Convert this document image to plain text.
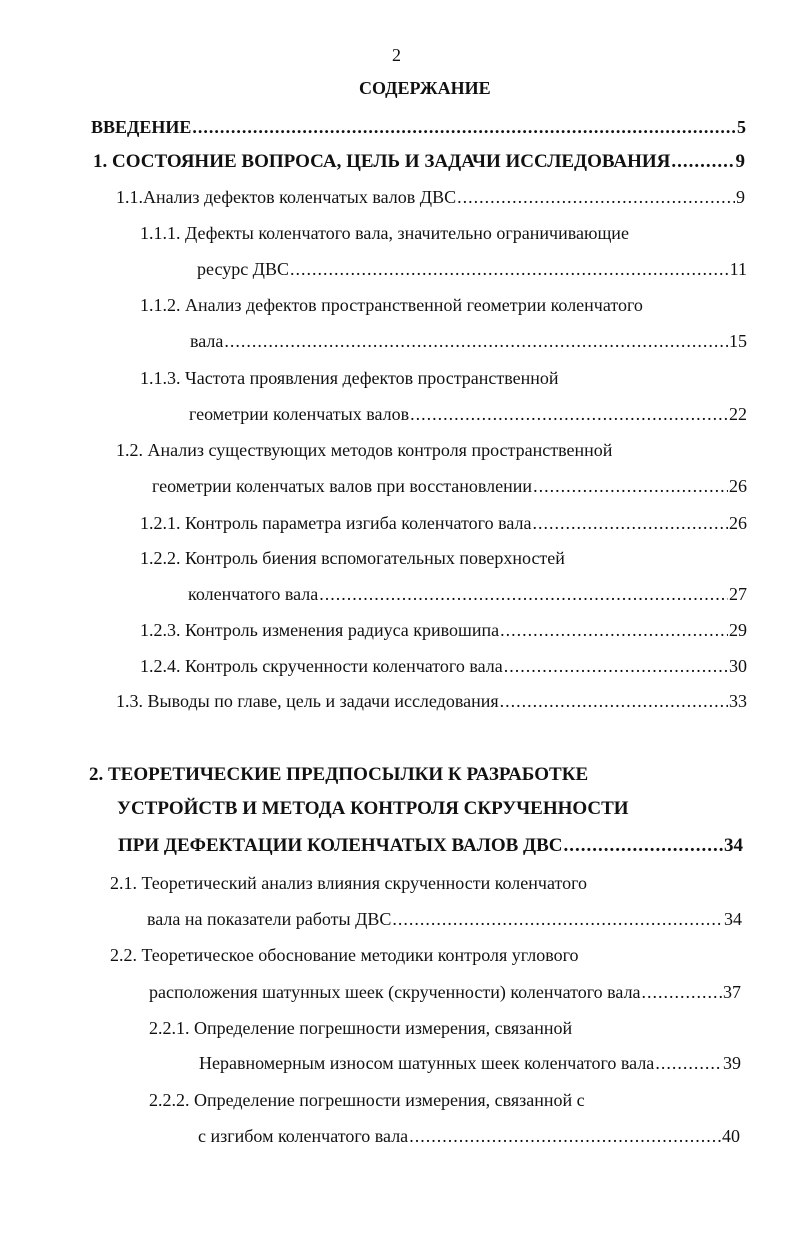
2
СОДЕРЖАНИЕ
ВВЕДЕНИЕ .....	5
1. СОСТОЯНИЕ ВОПРОСА, ЦЕЛЬ И ЗАДАЧИ ИССЛЕДОВАНИЯ .....	9
1.1.Анализ дефектов коленчатых валов ДВС .....	9
1.1.1. Дефекты коленчатого вала, значительно ограничивающие
ресурс ДВС .....	11
1.1.2. Анализ дефектов пространственной геометрии коленчатого
вала .....	15
1.1.3. Частота проявления дефектов пространственной
геометрии коленчатых валов .....	22
1.2. Анализ существующих методов контроля пространственной
геометрии коленчатых валов при восстановлении .....	26
1.2.1. Контроль параметра изгиба коленчатого вала .....	26
1.2.2. Контроль биения вспомогательных поверхностей
коленчатого вала .....	27
1.2.3. Контроль изменения радиуса кривошипа .....	29
1.2.4. Контроль скрученности коленчатого вала .....	30
1.3. Выводы по главе, цель и задачи исследования .....	33
2. ТЕОРЕТИЧЕСКИЕ ПРЕДПОСЫЛКИ К РАЗРАБОТКЕ
УСТРОЙСТВ И МЕТОДА КОНТРОЛЯ СКРУЧЕННОСТИ
ПРИ ДЕФЕКТАЦИИ КОЛЕНЧАТЫХ ВАЛОВ ДВС .....	34
2.1. Теоретический анализ влияния скрученности коленчатого
вала на показатели работы ДВС .....	34
2.2. Теоретическое обоснование методики контроля углового
расположения шатунных шеек (скрученности) коленчатого вала .....	37
2.2.1. Определение погрешности измерения, связанной
Неравномерным износом шатунных шеек коленчатого вала .....	39
2.2.2. Определение погрешности измерения, связанной с
с изгибом коленчатого вала .....	40
